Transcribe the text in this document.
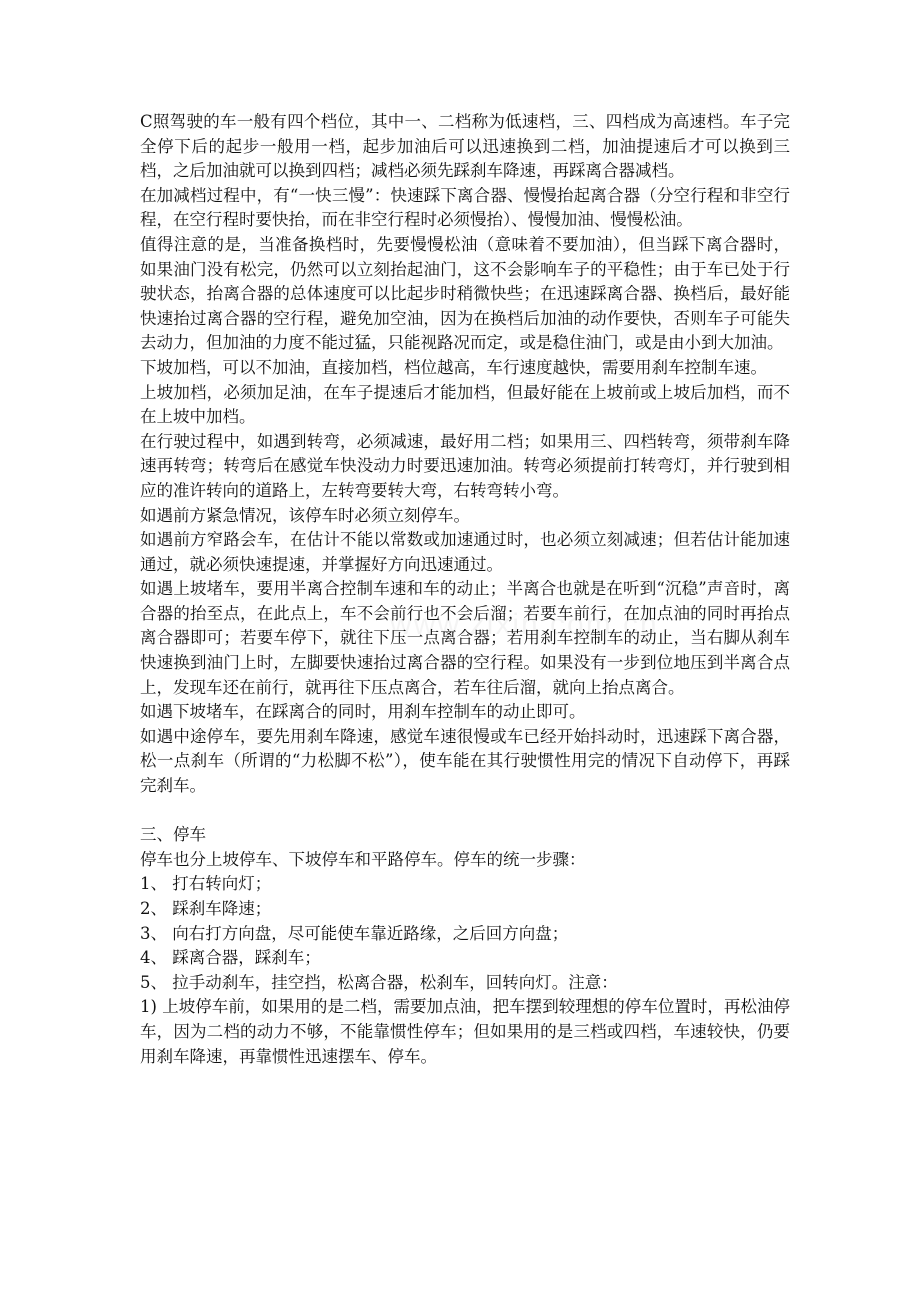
C照驾驶的车一般有四个档位，其中一、二档称为低速档，三、四档成为高速档。车子完全停下后的起步一般用一档，起步加油后可以迅速换到二档，加油提速后才可以换到三档，之后加油就可以换到四档；减档必须先踩刹车降速，再踩离合器减档。

在加减档过程中，有“一快三慢”：快速踩下离合器、慢慢抬起离合器（分空行程和非空行程，在空行程时要快抬，而在非空行程时必须慢抬）、慢慢加油、慢慢松油。

值得注意的是，当准备换档时，先要慢慢松油（意味着不要加油），但当踩下离合器时，如果油门没有松完，仍然可以立刻抬起油门，这不会影响车子的平稳性；由于车已处于行驶状态，抬离合器的总体速度可以比起步时稍微快些；在迅速踩离合器、换档后，最好能快速抬过离合器的空行程，避免加空油，因为在换档后加油的动作要快，否则车子可能失去动力，但加油的力度不能过猛，只能视路况而定，或是稳住油门，或是由小到大加油。

下坡加档，可以不加油，直接加档，档位越高，车行速度越快，需要用刹车控制车速。

上坡加档，必须加足油，在车子提速后才能加档，但最好能在上坡前或上坡后加档，而不在上坡中加档。

在行驶过程中，如遇到转弯，必须减速，最好用二档；如果用三、四档转弯，须带刹车降速再转弯；转弯后在感觉车快没动力时要迅速加油。转弯必须提前打转弯灯，并行驶到相应的准许转向的道路上，左转弯要转大弯，右转弯转小弯。

如遇前方紧急情况，该停车时必须立刻停车。

如遇前方窄路会车，在估计不能以常数或加速通过时，也必须立刻减速；但若估计能加速通过，就必须快速提速，并掌握好方向迅速通过。

如遇上坡堵车，要用半离合控制车速和车的动止；半离合也就是在听到“沉稳”声音时，离合器的抬至点，在此点上，车不会前行也不会后溜；若要车前行，在加点油的同时再抬点离合器即可；若要车停下，就往下压一点离合器；若用刹车控制车的动止，当右脚从刹车快速换到油门上时，左脚要快速抬过离合器的空行程。如果没有一步到位地压到半离合点上，发现车还在前行，就再往下压点离合，若车往后溜，就向上抬点离合。

如遇下坡堵车，在踩离合的同时，用刹车控制车的动止即可。

如遇中途停车，要先用刹车降速，感觉车速很慢或车已经开始抖动时，迅速踩下离合器，松一点刹车（所谓的“力松脚不松”），使车能在其行驶惯性用完的情况下自动停下，再踩完刹车。

三、停车

停车也分上坡停车、下坡停车和平路停车。停车的统一步骤：

1、 打右转向灯；

2、 踩刹车降速；

3、 向右打方向盘，尽可能使车靠近路缘，之后回方向盘；

4、 踩离合器，踩刹车；

5、 拉手动刹车，挂空挡，松离合器，松刹车，回转向灯。注意：

1) 上坡停车前，如果用的是二档，需要加点油，把车摆到较理想的停车位置时，再松油停车，因为二档的动力不够，不能靠惯性停车；但如果用的是三档或四档，车速较快，仍要用刹车降速，再靠惯性迅速摆车、停车。
